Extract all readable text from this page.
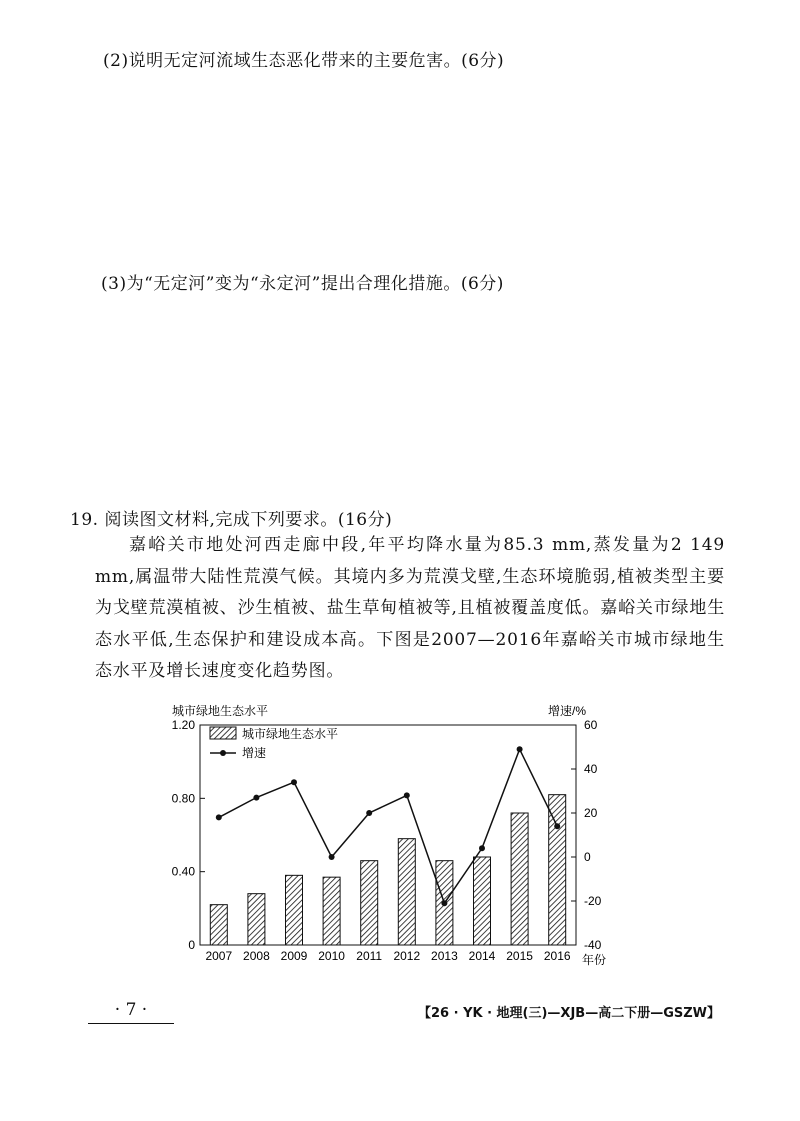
(2)说明无定河流域生态恶化带来的主要危害。(6分)
(3)为“无定河”变为“永定河”提出合理化措施。(6分)
19. 阅读图文材料,完成下列要求。(16分)

嘉峪关市地处河西走廊中段,年平均降水量为85.3 mm,蒸发量为2 149 mm,属温带大陆性荒漠气候。其境内多为荒漠戈壁,生态环境脆弱,植被类型主要为戈壁荒漠植被、沙生植被、盐生草甸植被等,且植被覆盖度低。嘉峪关市绿地生态水平低,生态保护和建设成本高。下图是2007—2016年嘉峪关市城市绿地生态水平及增长速度变化趋势图。

城市绿地生态水平	增速/%
1.20
0.80
0.40
0
60
40
20
0
-20
-40
2007 2008 2009 2010 2011 2012 2013 2014 2015 2016 年份
城市绿地生态水平
增速
· 7 ·	【26 · YK · 地理(三)—XJB—高二下册—GSZW】
